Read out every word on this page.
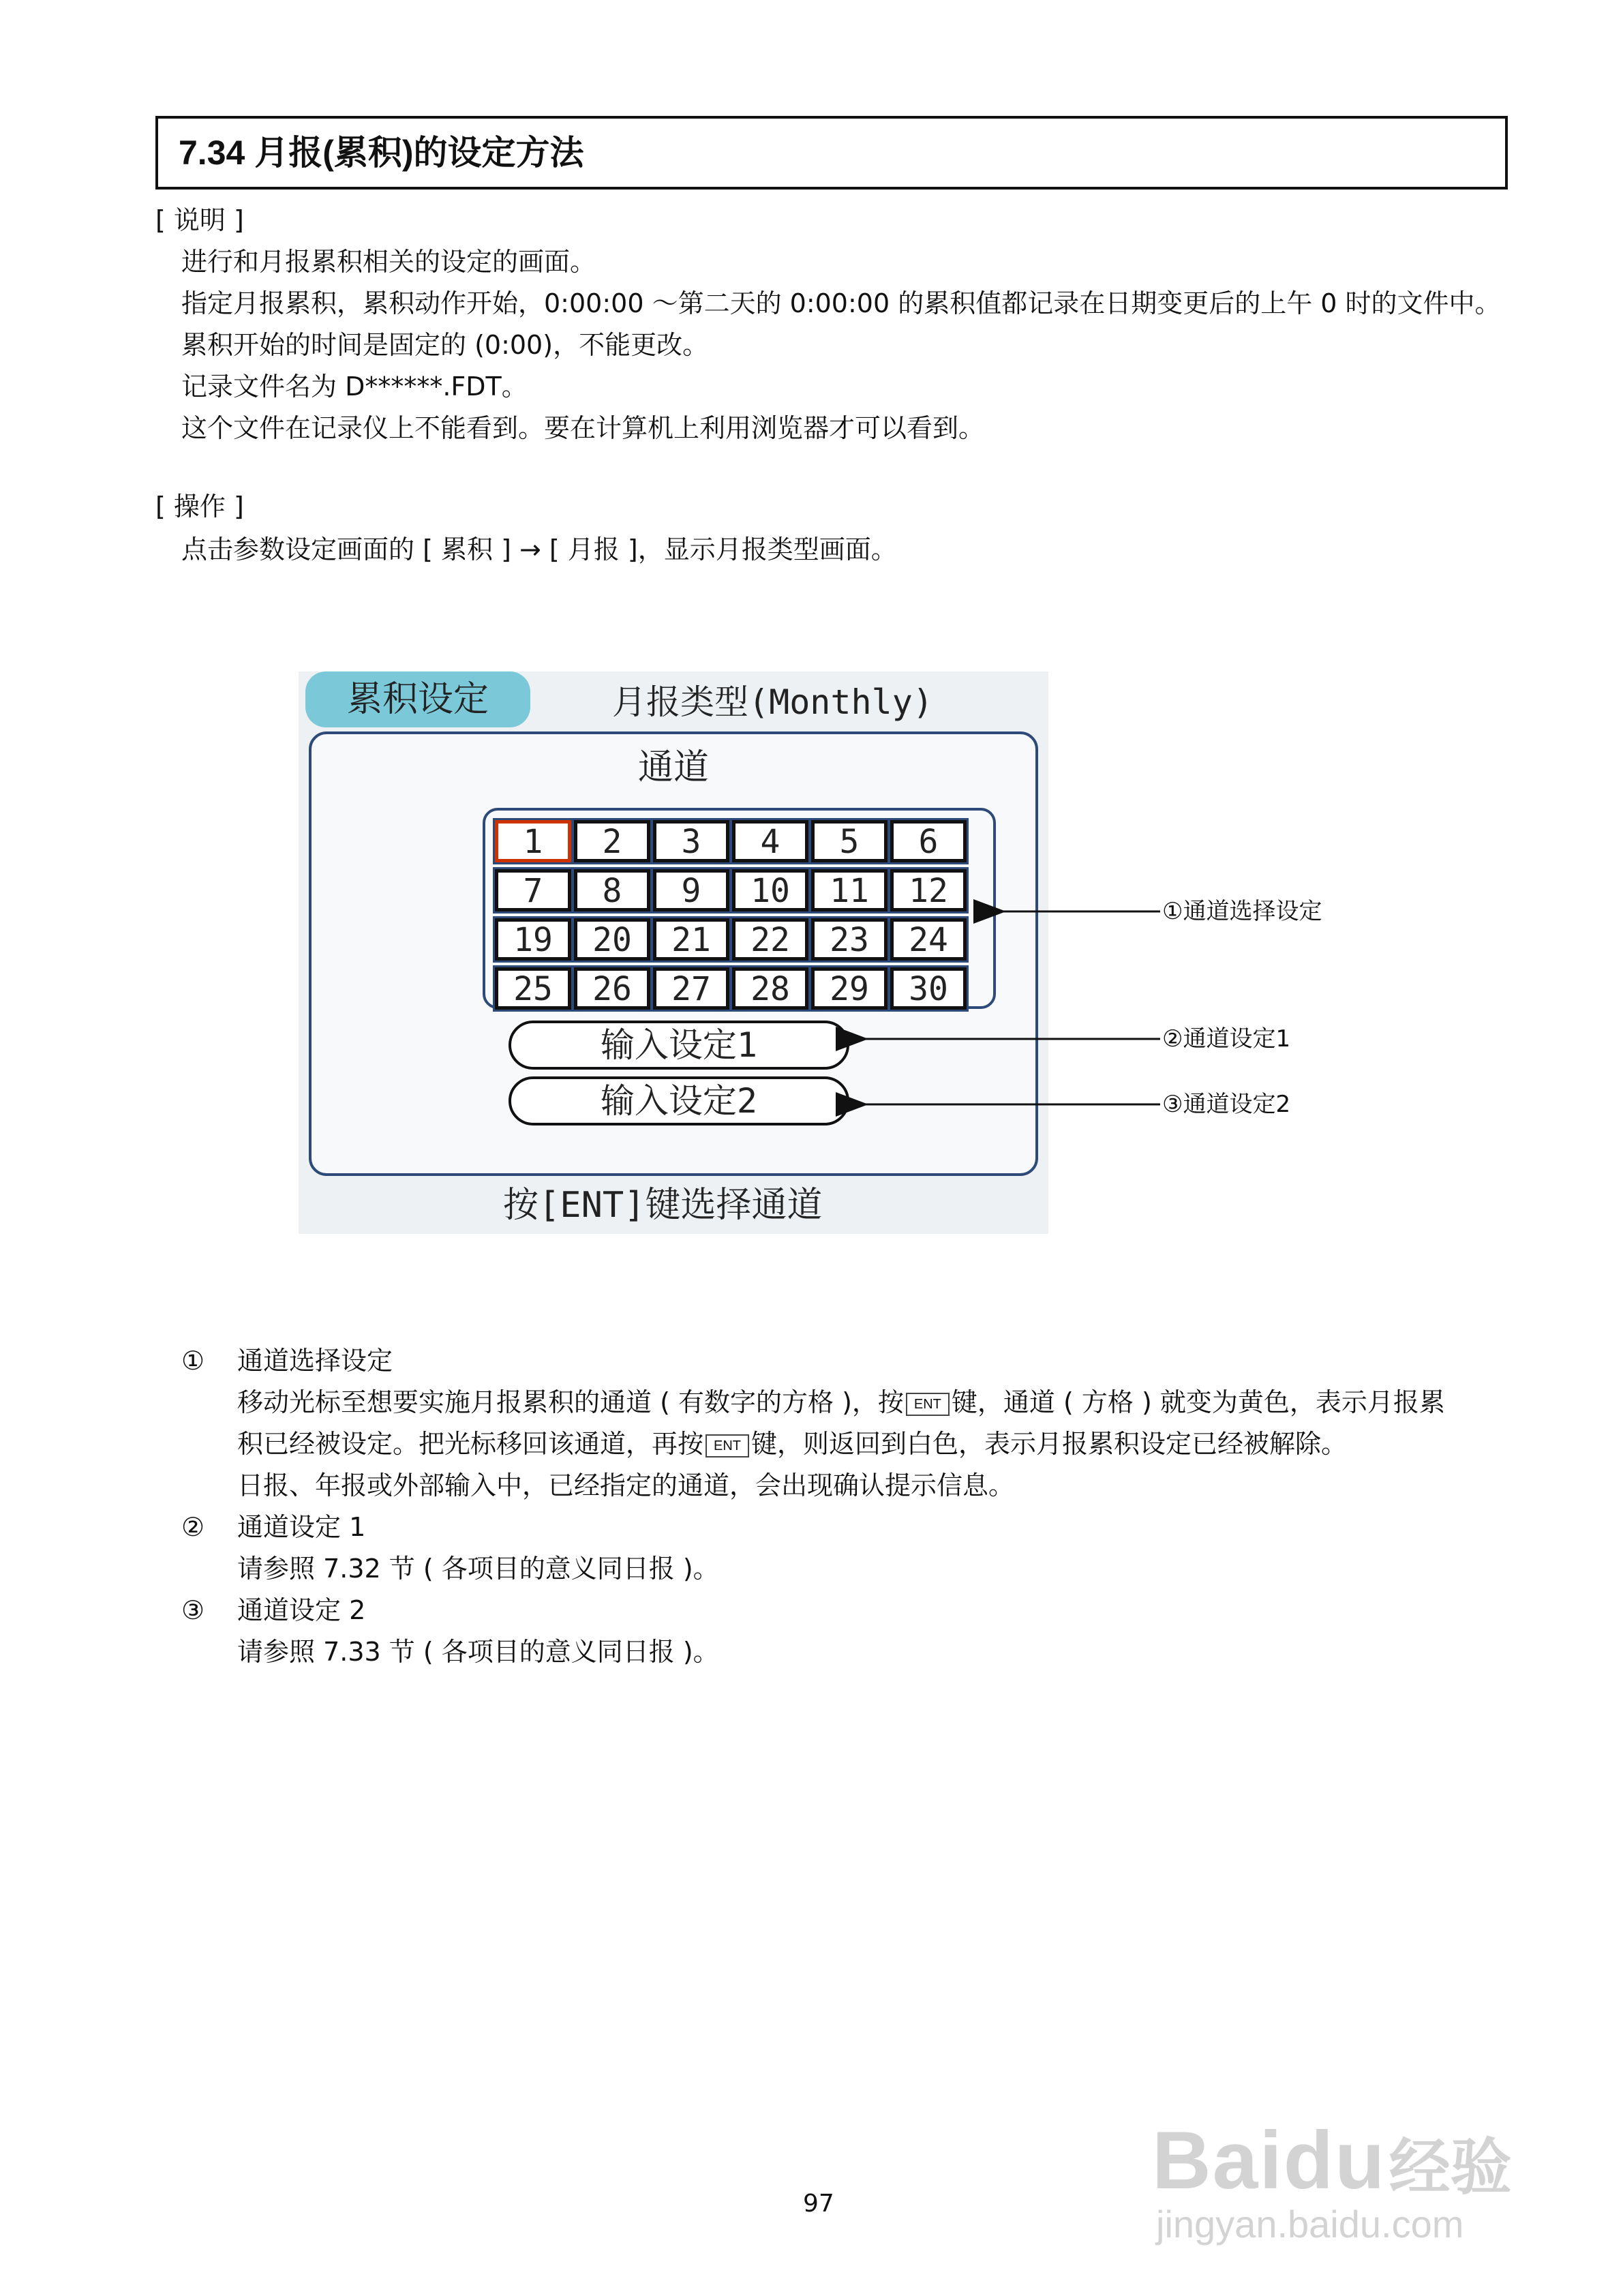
7.34 月报(累积)的设定方法
[ 说明 ]
进行和月报累积相关的设定的画面。
指定月报累积，累积动作开始，0:00:00 ～第二天的 0:00:00 的累积值都记录在日期变更后的上午 0 时的文件中。
累积开始的时间是固定的 (0:00)，不能更改。
记录文件名为 D******.FDT。
这个文件在记录仪上不能看到。要在计算机上利用浏览器才可以看到。
[ 操作 ]
点击参数设定画面的 [ 累积 ] → [ 月报 ]，显示月报类型画面。
累积设定	月报类型(Monthly)
通道
1	2	3	4	5	6
7	8	9	10	11	12
19	20	21	22	23	24
25	26	27	28	29	30
输入设定1
输入设定2
按[ENT]键选择通道
①通道选择设定
②通道设定1
③通道设定2
① 通道选择设定
移动光标至想要实施月报累积的通道 ( 有数字的方格 )，按 ENT 键，通道 ( 方格 ) 就变为黄色，表示月报累
积已经被设定。把光标移回该通道，再按 ENT 键，则返回到白色，表示月报累积设定已经被解除。
日报、年报或外部输入中，已经指定的通道，会出现确认提示信息。
② 通道设定 1
请参照 7.32 节 ( 各项目的意义同日报 )。
③ 通道设定 2
请参照 7.33 节 ( 各项目的意义同日报 )。
Baidu 经验
jingyan.baidu.com
97
